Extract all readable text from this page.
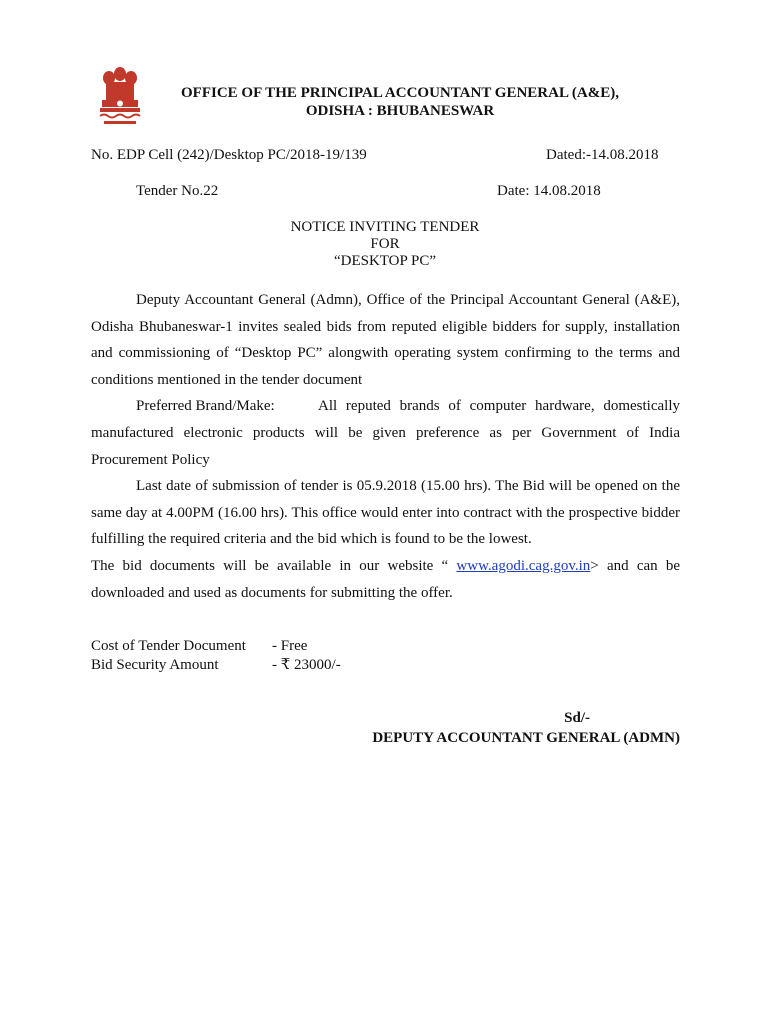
OFFICE OF THE PRINCIPAL ACCOUNTANT GENERAL (A&E),
ODISHA : BHUBANESWAR
No. EDP Cell (242)/Desktop PC/2018-19/139	Dated:-14.08.2018
Tender No.22	Date: 14.08.2018
NOTICE INVITING TENDER
FOR
“DESKTOP PC”

Deputy Accountant General (Admn), Office of the Principal Accountant General (A&E), Odisha Bhubaneswar-1 invites sealed bids from reputed eligible bidders for supply, installation and commissioning of “Desktop PC” alongwith operating system confirming to the terms and conditions mentioned in the tender document

Preferred Brand/Make:	All reputed brands of computer hardware, domestically manufactured electronic products will be given preference as per Government of India Procurement Policy

Last date of submission of tender is 05.9.2018 (15.00 hrs). The Bid will be opened on the same day at 4.00PM (16.00 hrs). This office would enter into contract with the prospective bidder fulfilling the required criteria and the bid which is found to be the lowest.

The bid documents will be available in our website “ www.agodi.cag.gov.in> and can be downloaded and used as documents for submitting the offer.

Cost of Tender Document	- Free
Bid Security Amount	- ₹ 23000/-
Sd/-
DEPUTY ACCOUNTANT GENERAL (ADMN)
